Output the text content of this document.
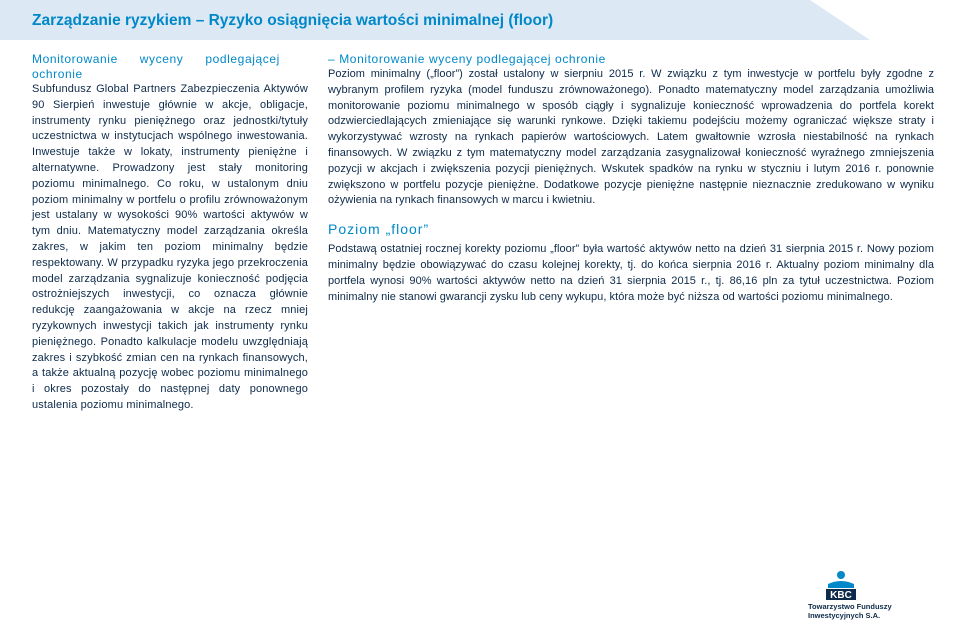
Zarządzanie ryzykiem – Ryzyko osiągnięcia wartości minimalnej (floor)

Monitorowanie wyceny podlegającej ochronie

Subfundusz Global Partners Zabezpieczenia Aktywów 90 Sierpień inwestuje głównie w akcje, obligacje, instrumenty rynku pieniężnego oraz jednostki/tytuły uczestnictwa w instytucjach wspólnego inwestowania. Inwestuje także w lokaty, instrumenty pieniężne i alternatywne. Prowadzony jest stały monitoring poziomu minimalnego. Co roku, w ustalonym dniu poziom minimalny w portfelu o profilu zrównoważonym jest ustalany w wysokości 90% wartości aktywów w tym dniu. Matematyczny model zarządzania określa zakres, w jakim ten poziom minimalny będzie respektowany. W przypadku ryzyka jego przekroczenia model zarządzania sygnalizuje konieczność podjęcia ostrożniejszych inwestycji, co oznacza głównie redukcję zaangażowania w akcje na rzecz mniej ryzykownych inwestycji takich jak instrumenty rynku pieniężnego. Ponadto kalkulacje modelu uwzględniają zakres i szybkość zmian cen na rynkach finansowych, a także aktualną pozycję wobec poziomu minimalnego i okres pozostały do następnej daty ponownego ustalenia poziomu minimalnego.

– Monitorowanie wyceny podlegającej ochronie

Poziom minimalny („floor”) został ustalony w sierpniu 2015 r. W związku z tym inwestycje w portfelu były zgodne z wybranym profilem ryzyka (model funduszu zrównoważonego). Ponadto matematyczny model zarządzania umożliwia monitorowanie poziomu minimalnego w sposób ciągły i sygnalizuje konieczność wprowadzenia do portfela korekt odzwierciedlających zmieniające się warunki rynkowe. Dzięki takiemu podejściu możemy ograniczać większe straty i wykorzystywać wzrosty na rynkach papierów wartościowych. Latem gwałtownie wzrosła niestabilność na rynkach finansowych. W związku z tym matematyczny model zarządzania zasygnalizował konieczność wyraźnego zmniejszenia pozycji w akcjach i zwiększenia pozycji pieniężnych. Wskutek spadków na rynku w styczniu i lutym 2016 r. ponownie zwiększono w portfelu pozycje pieniężne. Dodatkowe pozycje pieniężne następnie nieznacznie zredukowano w wyniku ożywienia na rynkach finansowych w marcu i kwietniu.

Poziom „floor”

Podstawą ostatniej rocznej korekty poziomu „floor” była wartość aktywów netto na dzień 31 sierpnia 2015 r. Nowy poziom minimalny będzie obowiązywać do czasu kolejnej korekty, tj. do końca sierpnia 2016 r. Aktualny poziom minimalny dla portfela wynosi 90% wartości aktywów netto na dzień 31 sierpnia 2015 r., tj. 86,16 pln za tytuł uczestnictwa. Poziom minimalny nie stanowi gwarancji zysku lub ceny wykupu, która może być niższa od wartości poziomu minimalnego.

KBC
Towarzystwo Funduszy
Inwestycyjnych S.A.
